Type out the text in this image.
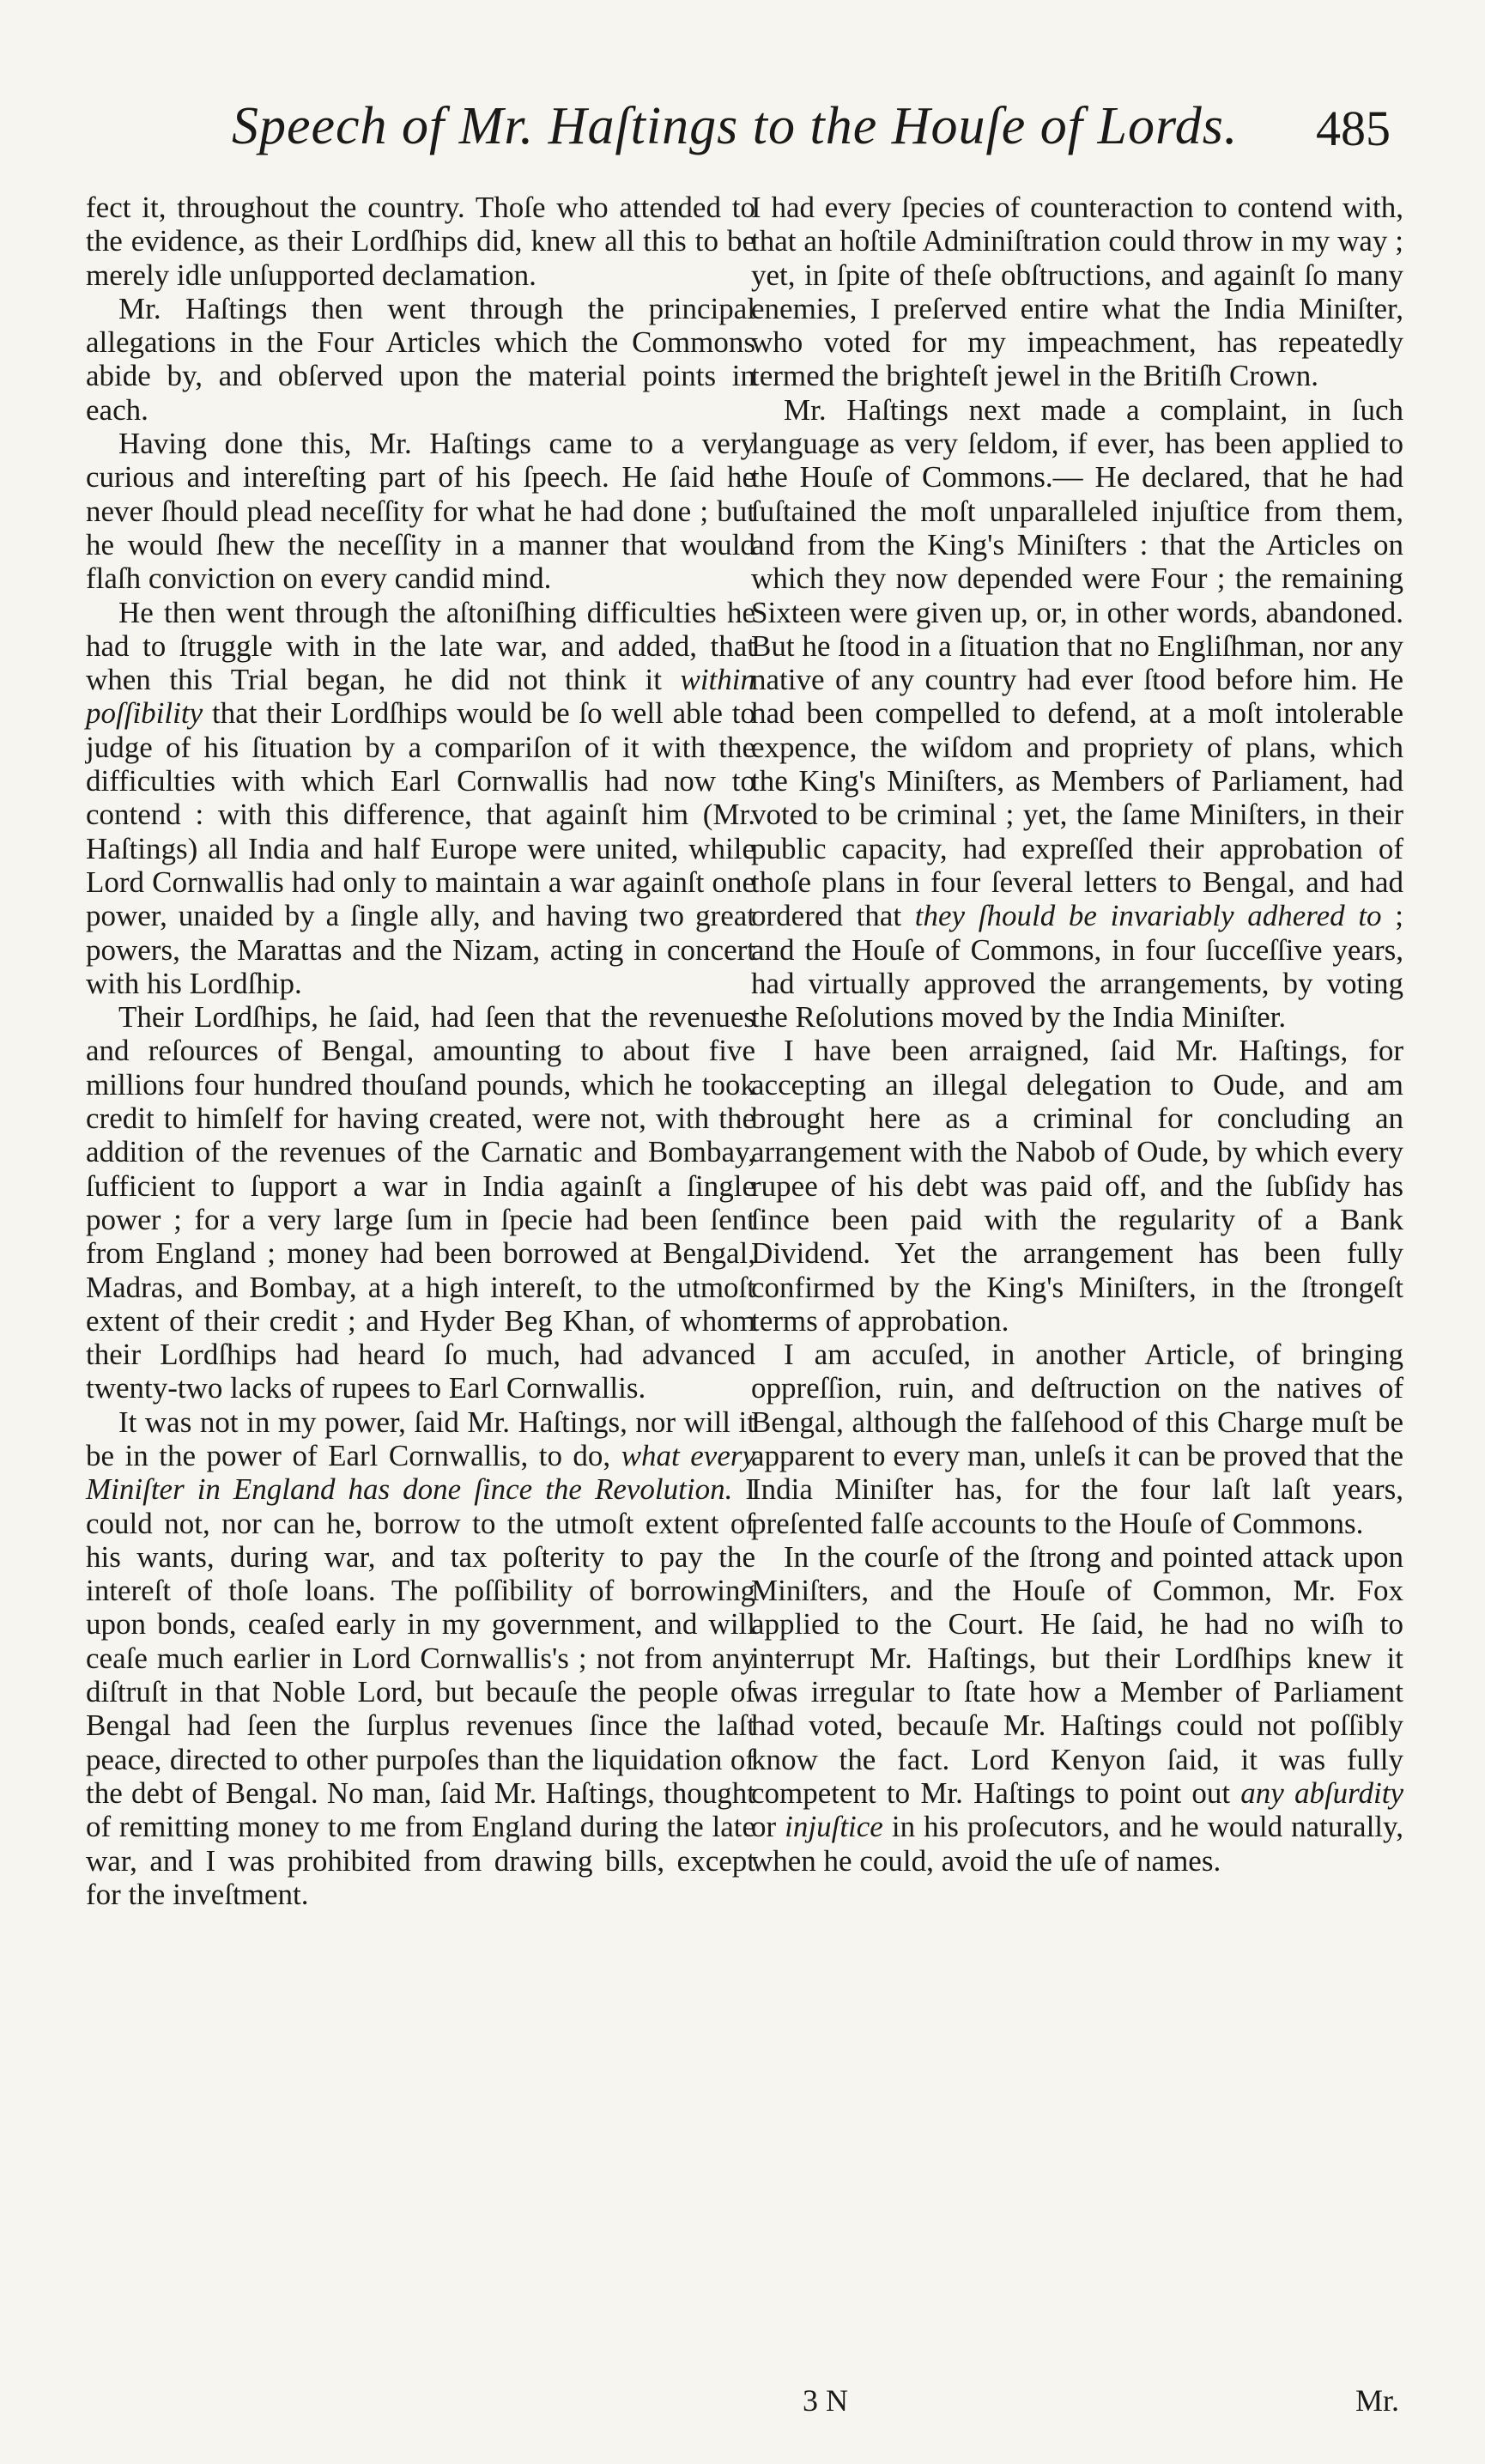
Speech of Mr. Haſtings to the Houſe of Lords. 485

fect it, throughout the country. Thoſe who attended to the evidence, as their Lordſhips did, knew all this to be merely idle unſupported declamation.

Mr. Haſtings then went through the principal allegations in the Four Articles which the Commons abide by, and obſerved upon the material points in each.

Having done this, Mr. Haſtings came to a very curious and intereſting part of his ſpeech. He ſaid he never ſhould plead neceſſity for what he had done ; but he would ſhew the neceſſity in a manner that would flaſh conviction on every candid mind.

He then went through the aſtoniſhing difficulties he had to ſtruggle with in the late war, and added, that when this Trial began, he did not think it within poſſibility that their Lordſhips would be ſo well able to judge of his ſituation by a compariſon of it with the difficulties with which Earl Cornwallis had now to contend : with this difference, that againſt him (Mr. Haſtings) all India and half Europe were united, while Lord Cornwallis had only to maintain a war againſt one power, unaided by a ſingle ally, and having two great powers, the Marattas and the Nizam, acting in concert with his Lordſhip.

Their Lordſhips, he ſaid, had ſeen that the revenues and reſources of Bengal, amounting to about five millions four hundred thouſand pounds, which he took credit to himſelf for having created, were not, with the addition of the revenues of the Carnatic and Bombay, ſufficient to ſupport a war in India againſt a ſingle power ; for a very large ſum in ſpecie had been ſent from England ; money had been borrowed at Bengal, Madras, and Bombay, at a high intereſt, to the utmoſt extent of their credit ; and Hyder Beg Khan, of whom their Lordſhips had heard ſo much, had advanced twenty-two lacks of rupees to Earl Cornwallis.

It was not in my power, ſaid Mr. Haſtings, nor will it be in the power of Earl Cornwallis, to do, what every Miniſter in England has done ſince the Revolution. I could not, nor can he, borrow to the utmoſt extent of his wants, during war, and tax poſterity to pay the intereſt of thoſe loans. The poſſibility of borrowing upon bonds, ceaſed early in my government, and will ceaſe much earlier in Lord Cornwallis's ; not from any diſtruſt in that Noble Lord, but becauſe the people of Bengal had ſeen the ſurplus revenues ſince the laſt peace, directed to other purpoſes than the liquidation of the debt of Bengal. No man, ſaid Mr. Haſtings, thought of remitting money to me from England during the late war, and I was prohibited from drawing bills, except for the inveſtment.

I had every ſpecies of counteraction to contend with, that an hoſtile Adminiſtration could throw in my way ; yet, in ſpite of theſe obſtructions, and againſt ſo many enemies, I preſerved entire what the India Miniſter, who voted for my impeachment, has repeatedly termed the brighteſt jewel in the Britiſh Crown.

Mr. Haſtings next made a complaint, in ſuch language as very ſeldom, if ever, has been applied to the Houſe of Commons.— He declared, that he had ſuſtained the moſt unparalleled injuſtice from them, and from the King's Miniſters : that the Articles on which they now depended were Four ; the remaining Sixteen were given up, or, in other words, abandoned. But he ſtood in a ſituation that no Engliſhman, nor any native of any country had ever ſtood before him. He had been compelled to defend, at a moſt intolerable expence, the wiſdom and propriety of plans, which the King's Miniſters, as Members of Parliament, had voted to be criminal ; yet, the ſame Miniſters, in their public capacity, had expreſſed their approbation of thoſe plans in four ſeveral letters to Bengal, and had ordered that they ſhould be invariably adhered to ; and the Houſe of Commons, in four ſucceſſive years, had virtually approved the arrangements, by voting the Reſolutions moved by the India Miniſter.

I have been arraigned, ſaid Mr. Haſtings, for accepting an illegal delegation to Oude, and am brought here as a criminal for concluding an arrangement with the Nabob of Oude, by which every rupee of his debt was paid off, and the ſubſidy has ſince been paid with the regularity of a Bank Dividend. Yet the arrangement has been fully confirmed by the King's Miniſters, in the ſtrongeſt terms of approbation.

I am accuſed, in another Article, of bringing oppreſſion, ruin, and deſtruction on the natives of Bengal, although the falſehood of this Charge muſt be apparent to every man, unleſs it can be proved that the India Miniſter has, for the four laſt laſt years, preſented falſe accounts to the Houſe of Commons.

In the courſe of the ſtrong and pointed attack upon Miniſters, and the Houſe of Common, Mr. Fox applied to the Court. He ſaid, he had no wiſh to interrupt Mr. Haſtings, but their Lordſhips knew it was irregular to ſtate how a Member of Parliament had voted, becauſe Mr. Haſtings could not poſſibly know the fact. Lord Kenyon ſaid, it was fully competent to Mr. Haſtings to point out any abſurdity or injuſtice in his proſecutors, and he would naturally, when he could, avoid the uſe of names.

3 N	Mr.
